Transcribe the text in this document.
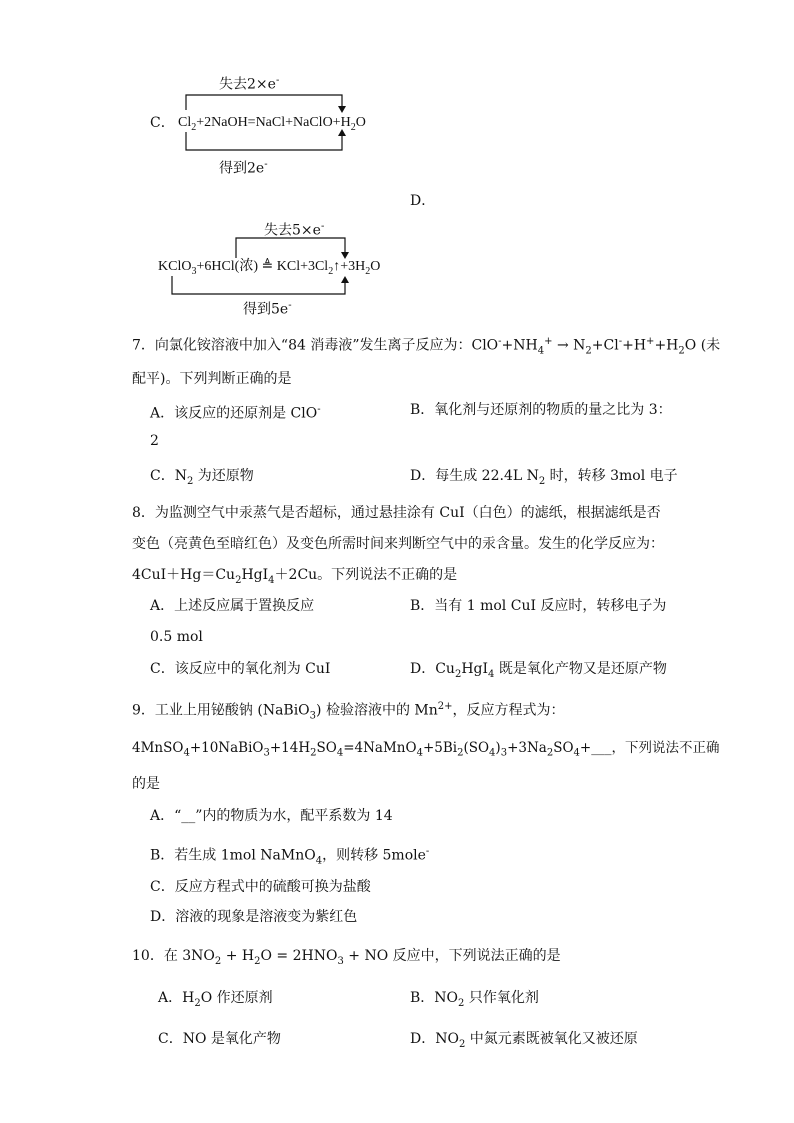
失去2×e-
C． $Cl_2+2NaOH=NaCl+NaClO+H_2O$
得到2e-
D．
失去5×e-
KClO$_3$+6HCl(浓) ≜ $KCl+3Cl_2↑+3H_2O$
得到5e-
7．向氯化铵溶液中加入“84 消毒液”发生离子反应为：$ClO^-+NH_4^+ \to N_2+Cl^-+H^++H_2O$ (未
配平)。下列判断正确的是
A．该反应的还原剂是 ClO-	B．氧化剂与还原剂的物质的量之比为 3：
2
C．$N_2$ 为还原物	D．每生成 22.4L $N_2$ 时，转移 3mol 电子
8．为监测空气中汞蒸气是否超标，通过悬挂涂有 CuI（白色）的滤纸，根据滤纸是否
变色（亮黄色至暗红色）及变色所需时间来判断空气中的汞含量。发生的化学反应为：
$4CuI+Hg=Cu_2HgI_4+2Cu$。下列说法不正确的是
A．上述反应属于置换反应	B．当有 1 mol CuI 反应时，转移电子为
0.5 mol
C．该反应中的氧化剂为 CuI	D．$Cu_2HgI_4$ 既是氧化产物又是还原产物
9．工业上用铋酸钠 (NaBiO$_3$) 检验溶液中的 $Mn^{2+}$，反应方程式为：
$4MnSO_4+10NaBiO_3+14H_2SO_4=4NaMnO_4+5Bi_2(SO_4)_3+3Na_2SO_4+\_\_\_$，下列说法不正确
的是
A．“__”内的物质为水，配平系数为 14
B．若生成 1mol NaMnO$_4$，则转移 5mole-
C．反应方程式中的硫酸可换为盐酸
D．溶液的现象是溶液变为紫红色
10．在 $3NO_2 + H_2O = 2HNO_3$ + NO 反应中，下列说法正确的是
A．$H_2O$ 作还原剂	B．$NO_2$ 只作氧化剂
C．NO 是氧化产物	D．$NO_2$ 中氮元素既被氧化又被还原
